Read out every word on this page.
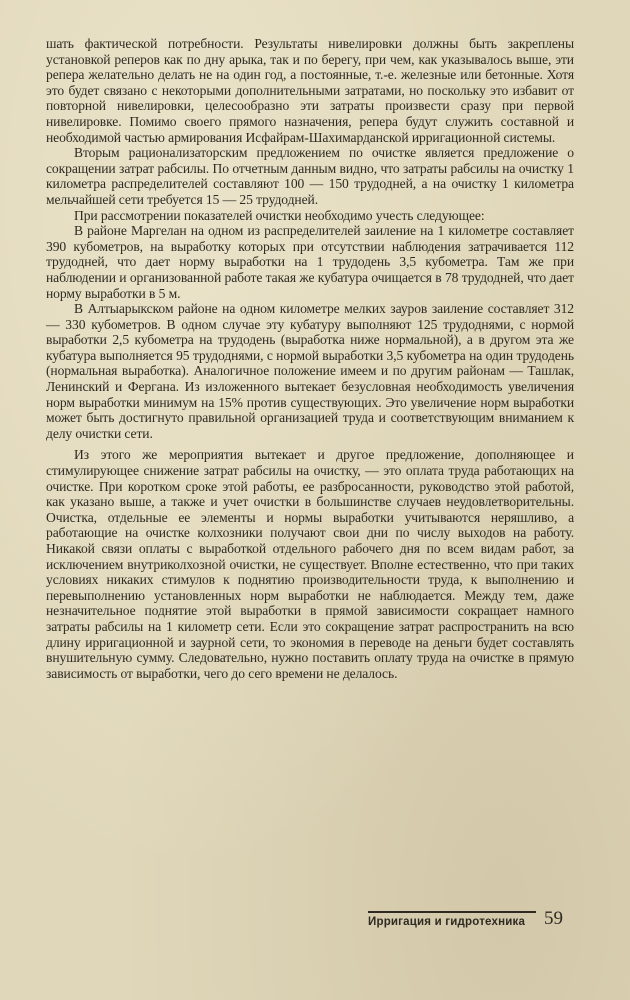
шать фактической потребности. Результаты нивелировки должны быть закреплены установкой реперов как по дну арыка, так и по берегу, при чем, как указывалось выше, эти репера желательно делать не на один год, а постоянные, т.-е. железные или бетонные. Хотя это будет связано с некоторыми дополнительными затратами, но поскольку это избавит от повторной нивелировки, целесообразно эти затраты произвести сразу при первой нивелировке. Помимо своего прямого назначения, репера будут служить составной и необходимой частью армирования Исфайрам-Шахимарданской ирригационной системы.

Вторым рационализаторским предложением по очистке является предложение о сокращении затрат рабсилы. По отчетным данным видно, что затраты рабсилы на очистку 1 километра распределителей составляют 100 — 150 трудодней, а на очистку 1 километра мельчайшей сети требуется 15 — 25 трудодней.

При рассмотрении показателей очистки необходимо учесть следующее:

В районе Маргелан на одном из распределителей заиление на 1 километре составляет 390 кубометров, на выработку которых при отсутствии наблюдения затрачивается 112 трудодней, что дает норму выработки на 1 трудодень 3,5 кубометра. Там же при наблюдении и организованной работе такая же кубатура очищается в 78 трудодней, что дает норму выработки в 5 м.

В Алтыарыкском районе на одном километре мелких зауров заиление составляет 312 — 330 кубометров. В одном случае эту кубатуру выполняют 125 трудоднями, с нормой выработки 2,5 кубометра на трудодень (выработка ниже нормальной), а в другом эта же кубатура выполняется 95 трудоднями, с нормой выработки 3,5 кубометра на один трудодень (нормальная выработка). Аналогичное положение имеем и по другим районам — Ташлак, Ленинский и Фергана. Из изложенного вытекает безусловная необходимость увеличения норм выработки минимум на 15% против существующих. Это увеличение норм выработки может быть достигнуто правильной организацией труда и соответствующим вниманием к делу очистки сети.

Из этого же мероприятия вытекает и другое предложение, дополняющее и стимулирующее снижение затрат рабсилы на очистку, — это оплата труда работающих на очистке. При коротком сроке этой работы, ее разбросанности, руководство этой работой, как указано выше, а также и учет очистки в большинстве случаев неудовлетворительны. Очистка, отдельные ее элементы и нормы выработки учитываются неряшливо, а работающие на очистке колхозники получают свои дни по числу выходов на работу. Никакой связи оплаты с выработкой отдельного рабочего дня по всем видам работ, за исключением внутриколхозной очистки, не существует. Вполне естественно, что при таких условиях никаких стимулов к поднятию производительности труда, к выполнению и перевыполнению установленных норм выработки не наблюдается. Между тем, даже незначительное поднятие этой выработки в прямой зависимости сокращает намного затраты рабсилы на 1 километр сети. Если это сокращение затрат распространить на всю длину ирригационной и заурной сети, то экономия в переводе на деньги будет составлять внушительную сумму. Следовательно, нужно поставить оплату труда на очистке в прямую зависимость от выработки, чего до сего времени не делалось.

Ирригация и гидротехника 59
